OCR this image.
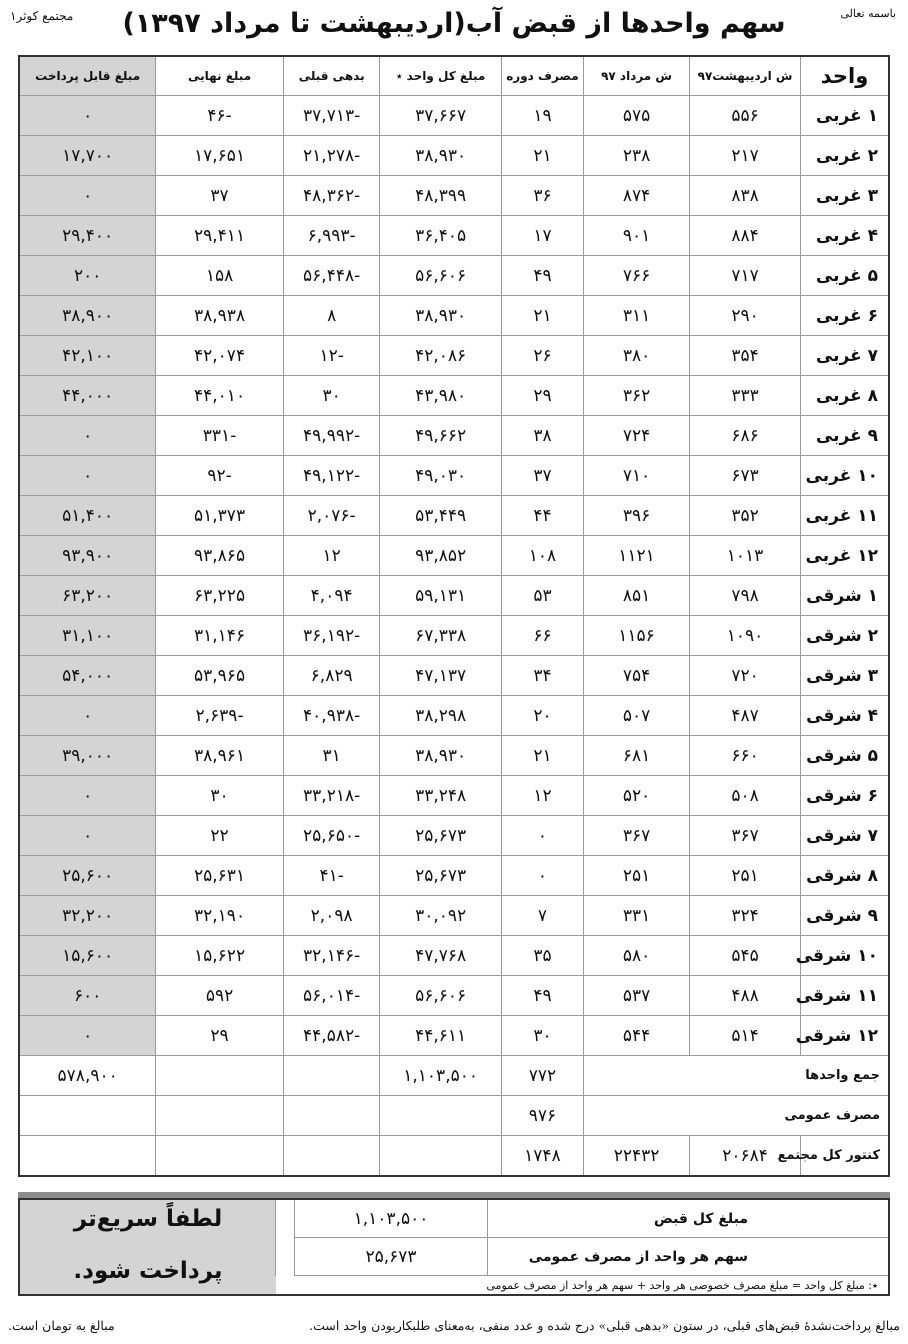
مجتمع کوثر۱	باسمه تعالی
سهم واحدها از قبض آب(اردیبهشت تا مرداد ۱۳۹۷)
واحد	ش اردیبهشت۹۷	ش مرداد ۹۷	مصرف دوره	مبلغ کل واحد ٭	بدهی قبلی	مبلغ نهایی	مبلغ قابل پرداخت
۱ غربی	۵۵۶	۵۷۵	۱۹	۳۷,۶۶۷	-۳۷,۷۱۳	-۴۶	۰
۲ غربی	۲۱۷	۲۳۸	۲۱	۳۸,۹۳۰	-۲۱,۲۷۸	۱۷,۶۵۱	۱۷,۷۰۰
۳ غربی	۸۳۸	۸۷۴	۳۶	۴۸,۳۹۹	-۴۸,۳۶۲	۳۷	۰
۴ غربی	۸۸۴	۹۰۱	۱۷	۳۶,۴۰۵	-۶,۹۹۳	۲۹,۴۱۱	۲۹,۴۰۰
۵ غربی	۷۱۷	۷۶۶	۴۹	۵۶,۶۰۶	-۵۶,۴۴۸	۱۵۸	۲۰۰
۶ غربی	۲۹۰	۳۱۱	۲۱	۳۸,۹۳۰	۸	۳۸,۹۳۸	۳۸,۹۰۰
۷ غربی	۳۵۴	۳۸۰	۲۶	۴۲,۰۸۶	-۱۲	۴۲,۰۷۴	۴۲,۱۰۰
۸ غربی	۳۳۳	۳۶۲	۲۹	۴۳,۹۸۰	۳۰	۴۴,۰۱۰	۴۴,۰۰۰
۹ غربی	۶۸۶	۷۲۴	۳۸	۴۹,۶۶۲	-۴۹,۹۹۲	-۳۳۱	۰
۱۰ غربی	۶۷۳	۷۱۰	۳۷	۴۹,۰۳۰	-۴۹,۱۲۲	-۹۲	۰
۱۱ غربی	۳۵۲	۳۹۶	۴۴	۵۳,۴۴۹	-۲,۰۷۶	۵۱,۳۷۳	۵۱,۴۰۰
۱۲ غربی	۱۰۱۳	۱۱۲۱	۱۰۸	۹۳,۸۵۲	۱۲	۹۳,۸۶۵	۹۳,۹۰۰
۱ شرقی	۷۹۸	۸۵۱	۵۳	۵۹,۱۳۱	۴,۰۹۴	۶۳,۲۲۵	۶۳,۲۰۰
۲ شرقی	۱۰۹۰	۱۱۵۶	۶۶	۶۷,۳۳۸	-۳۶,۱۹۲	۳۱,۱۴۶	۳۱,۱۰۰
۳ شرقی	۷۲۰	۷۵۴	۳۴	۴۷,۱۳۷	۶,۸۲۹	۵۳,۹۶۵	۵۴,۰۰۰
۴ شرقی	۴۸۷	۵۰۷	۲۰	۳۸,۲۹۸	-۴۰,۹۳۸	-۲,۶۳۹	۰
۵ شرقی	۶۶۰	۶۸۱	۲۱	۳۸,۹۳۰	۳۱	۳۸,۹۶۱	۳۹,۰۰۰
۶ شرقی	۵۰۸	۵۲۰	۱۲	۳۳,۲۴۸	-۳۳,۲۱۸	۳۰	۰
۷ شرقی	۳۶۷	۳۶۷	۰	۲۵,۶۷۳	-۲۵,۶۵۰	۲۲	۰
۸ شرقی	۲۵۱	۲۵۱	۰	۲۵,۶۷۳	-۴۱	۲۵,۶۳۱	۲۵,۶۰۰
۹ شرقی	۳۲۴	۳۳۱	۷	۳۰,۰۹۲	۲,۰۹۸	۳۲,۱۹۰	۳۲,۲۰۰
۱۰ شرقی	۵۴۵	۵۸۰	۳۵	۴۷,۷۶۸	-۳۲,۱۴۶	۱۵,۶۲۲	۱۵,۶۰۰
۱۱ شرقی	۴۸۸	۵۳۷	۴۹	۵۶,۶۰۶	-۵۶,۰۱۴	۵۹۲	۶۰۰
۱۲ شرقی	۵۱۴	۵۴۴	۳۰	۴۴,۶۱۱	-۴۴,۵۸۲	۲۹	۰
جمع واحدها			۷۷۲	۱,۱۰۳,۵۰۰			۵۷۸,۹۰۰
مصرف عمومی			۹۷۶				
کنتور کل مجتمع	۲۰۶۸۴	۲۲۴۳۲	۱۷۴۸				
مبلغ کل قبض
۱,۱۰۳,۵۰۰
سهم هر واحد از مصرف عمومی
۲۵,۶۷۳
لطفاً سریع‌تر
پرداخت شود.
٭: مبلغ کل واحد = مبلغ مصرف خصوصی هر واحد + سهم هر واحد از مصرف عمومی
مبالغ پرداخت‌نشدهٔ قبض‌های قبلی، در ستون «بدهی قبلی» درج شده و عدد منفی، به‌معنای طلبکاربودن واحد است.
مبالغ به تومان است.
